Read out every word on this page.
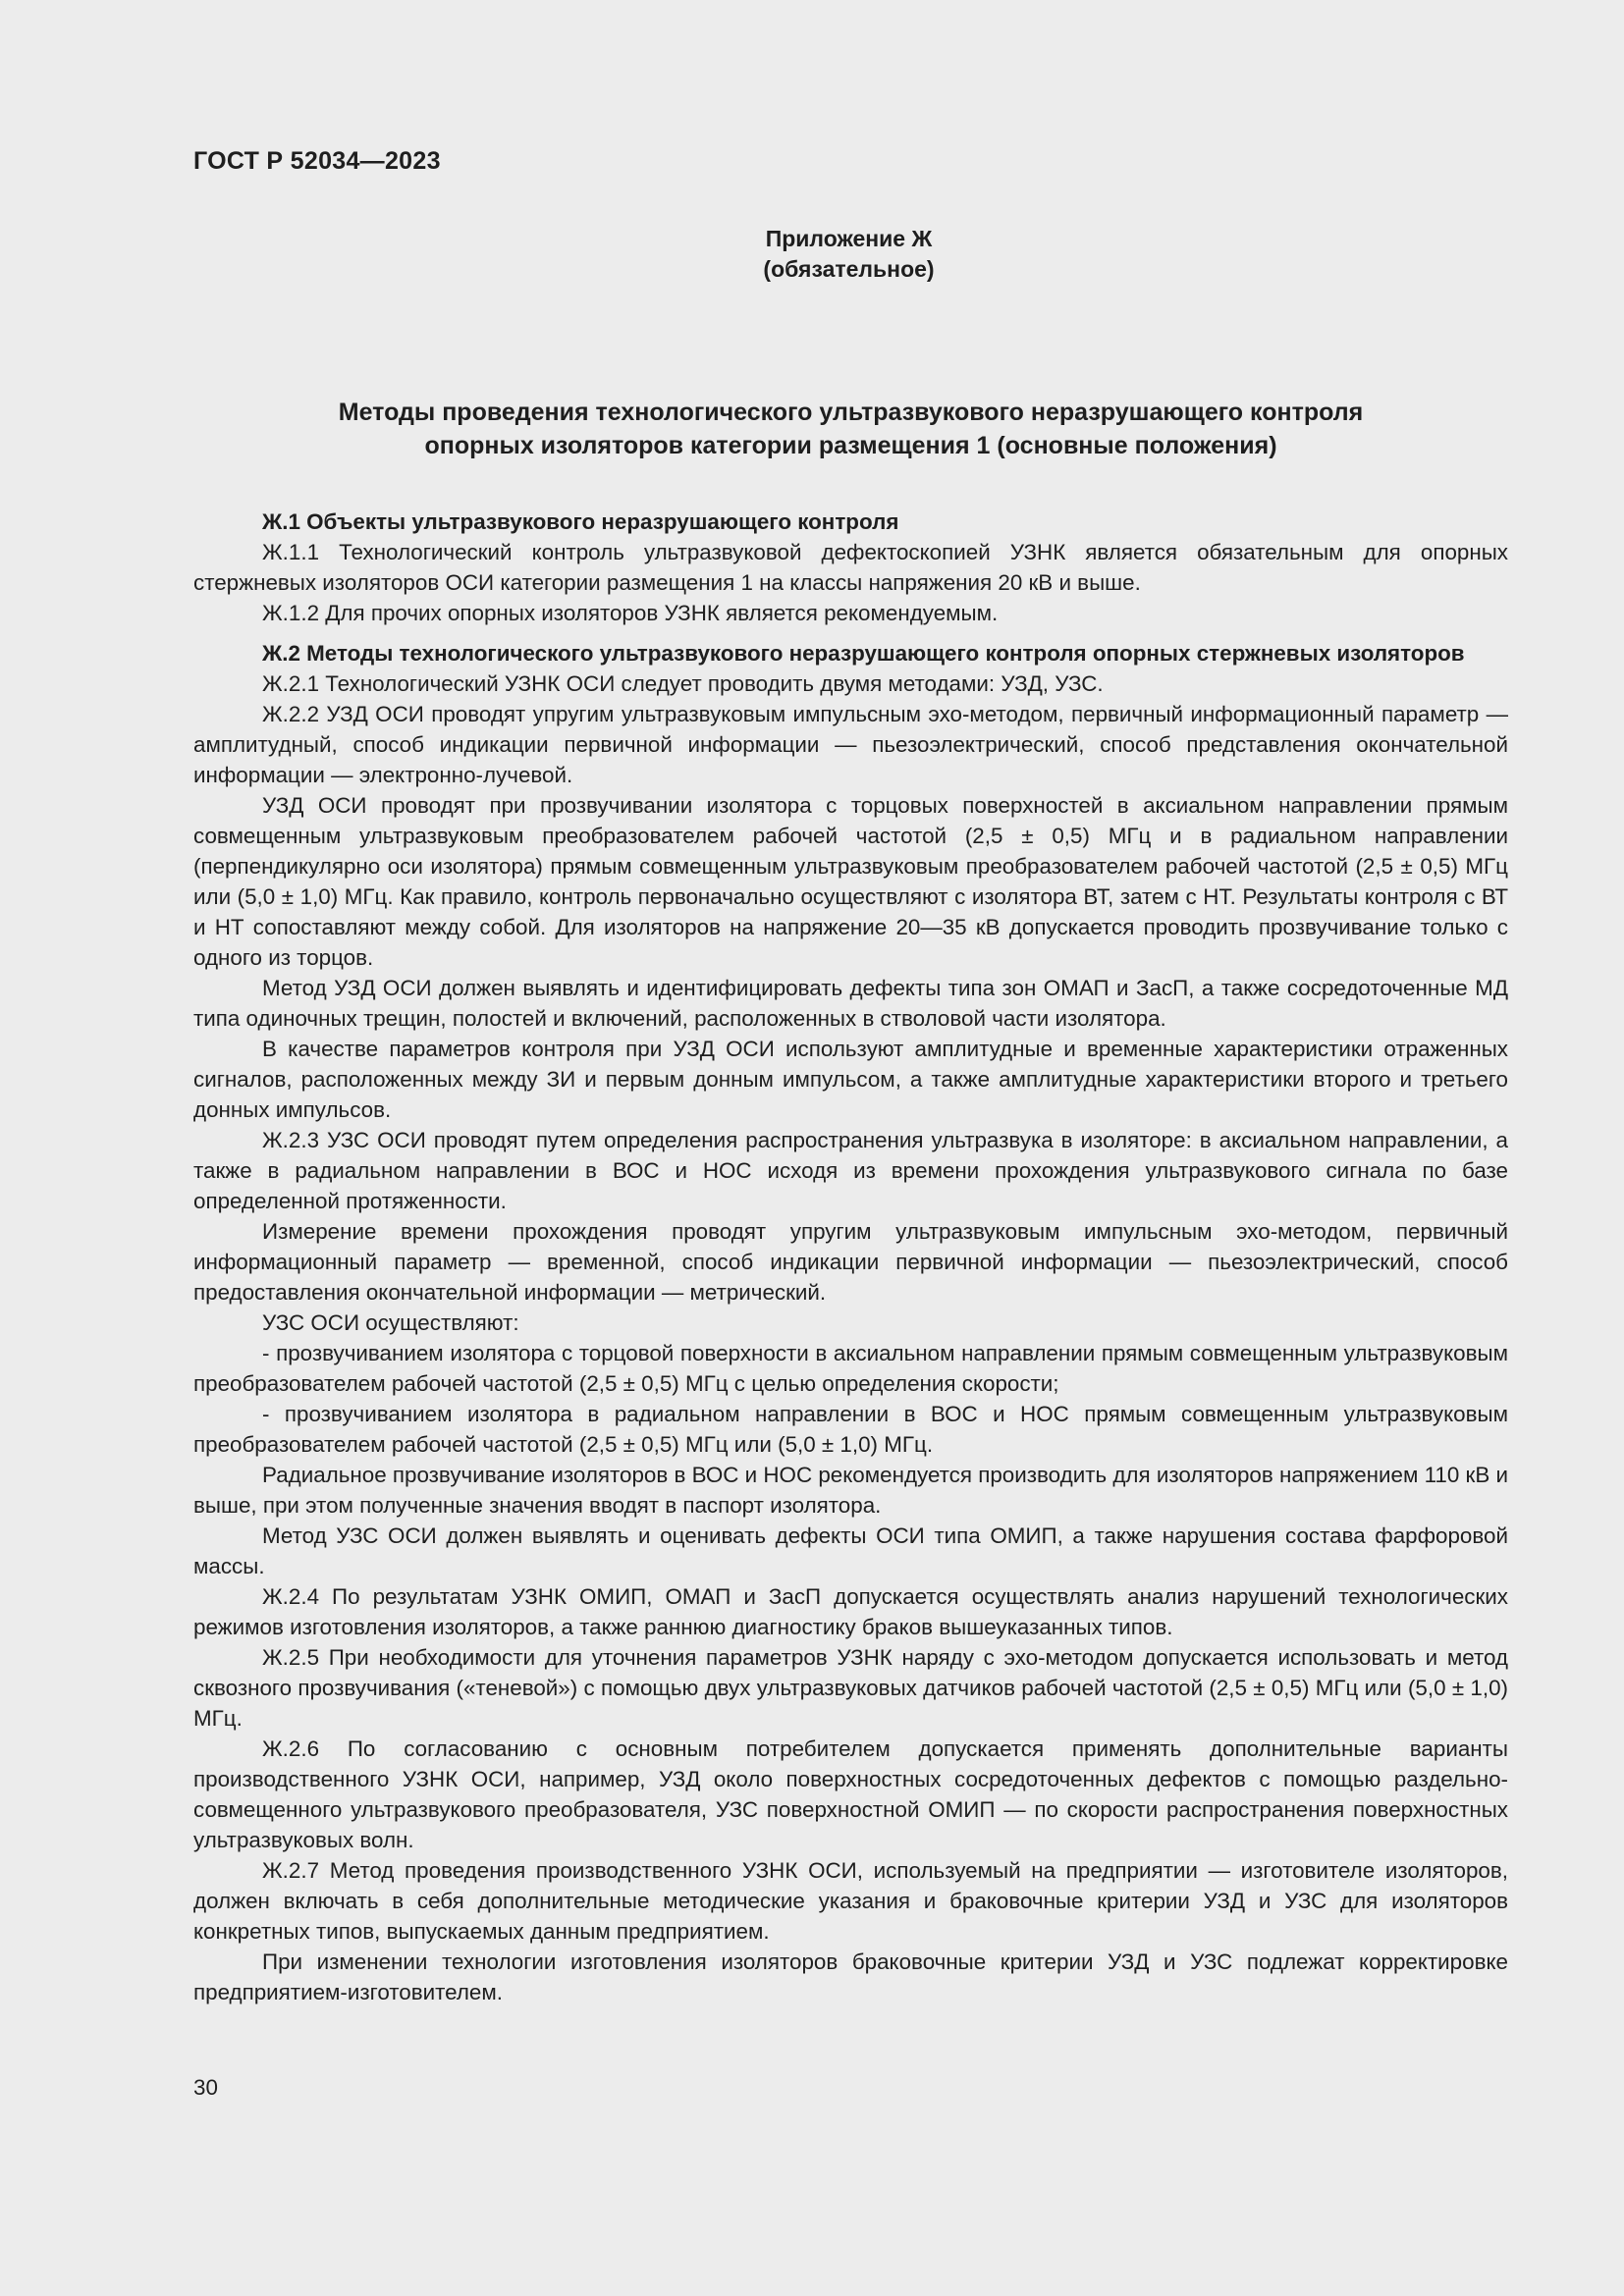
ГОСТ Р 52034—2023
Приложение Ж
(обязательное)
Методы проведения технологического ультразвукового неразрушающего контроля
опорных изоляторов категории размещения 1 (основные положения)
Ж.1 Объекты ультразвукового неразрушающего контроля

Ж.1.1 Технологический контроль ультразвуковой дефектоскопией УЗНК является обязательным для опорных стержневых изоляторов ОСИ категории размещения 1 на классы напряжения 20 кВ и выше.

Ж.1.2 Для прочих опорных изоляторов УЗНК является рекомендуемым.

Ж.2 Методы технологического ультразвукового неразрушающего контроля опорных стержневых изоляторов

Ж.2.1 Технологический УЗНК ОСИ следует проводить двумя методами: УЗД, УЗС.

Ж.2.2 УЗД ОСИ проводят упругим ультразвуковым импульсным эхо-методом, первичный информационный параметр — амплитудный, способ индикации первичной информации — пьезоэлектрический, способ представления окончательной информации — электронно-лучевой.

УЗД ОСИ проводят при прозвучивании изолятора с торцовых поверхностей в аксиальном направлении прямым совмещенным ультразвуковым преобразователем рабочей частотой (2,5 ± 0,5) МГц и в радиальном направлении (перпендикулярно оси изолятора) прямым совмещенным ультразвуковым преобразователем рабочей частотой (2,5 ± 0,5) МГц или (5,0 ± 1,0) МГц. Как правило, контроль первоначально осуществляют с изолятора ВТ, затем с НТ. Результаты контроля с ВТ и НТ сопоставляют между собой. Для изоляторов на напряжение 20—35 кВ допускается проводить прозвучивание только с одного из торцов.

Метод УЗД ОСИ должен выявлять и идентифицировать дефекты типа зон ОМАП и ЗасП, а также сосредоточенные МД типа одиночных трещин, полостей и включений, расположенных в стволовой части изолятора.

В качестве параметров контроля при УЗД ОСИ используют амплитудные и временные характеристики отраженных сигналов, расположенных между ЗИ и первым донным импульсом, а также амплитудные характеристики второго и третьего донных импульсов.

Ж.2.3 УЗС ОСИ проводят путем определения распространения ультразвука в изоляторе: в аксиальном направлении, а также в радиальном направлении в ВОС и НОС исходя из времени прохождения ультразвукового сигнала по базе определенной протяженности.

Измерение времени прохождения проводят упругим ультразвуковым импульсным эхо-методом, первичный информационный параметр — временной, способ индикации первичной информации — пьезоэлектрический, способ предоставления окончательной информации — метрический.

УЗС ОСИ осуществляют:

- прозвучиванием изолятора с торцовой поверхности в аксиальном направлении прямым совмещенным ультразвуковым преобразователем рабочей частотой (2,5 ± 0,5) МГц с целью определения скорости;

- прозвучиванием изолятора в радиальном направлении в ВОС и НОС прямым совмещенным ультразвуковым преобразователем рабочей частотой (2,5 ± 0,5) МГц или (5,0 ± 1,0) МГц.

Радиальное прозвучивание изоляторов в ВОС и НОС рекомендуется производить для изоляторов напряжением 110 кВ и выше, при этом полученные значения вводят в паспорт изолятора.

Метод УЗС ОСИ должен выявлять и оценивать дефекты ОСИ типа ОМИП, а также нарушения состава фарфоровой массы.

Ж.2.4 По результатам УЗНК ОМИП, ОМАП и ЗасП допускается осуществлять анализ нарушений технологических режимов изготовления изоляторов, а также раннюю диагностику браков вышеуказанных типов.

Ж.2.5 При необходимости для уточнения параметров УЗНК наряду с эхо-методом допускается использовать и метод сквозного прозвучивания («теневой») с помощью двух ультразвуковых датчиков рабочей частотой (2,5 ± 0,5) МГц или (5,0 ± 1,0) МГц.

Ж.2.6 По согласованию с основным потребителем допускается применять дополнительные варианты производственного УЗНК ОСИ, например, УЗД около поверхностных сосредоточенных дефектов с помощью раздельно-совмещенного ультразвукового преобразователя, УЗС поверхностной ОМИП — по скорости распространения поверхностных ультразвуковых волн.

Ж.2.7 Метод проведения производственного УЗНК ОСИ, используемый на предприятии — изготовителе изоляторов, должен включать в себя дополнительные методические указания и браковочные критерии УЗД и УЗС для изоляторов конкретных типов, выпускаемых данным предприятием.

При изменении технологии изготовления изоляторов браковочные критерии УЗД и УЗС подлежат корректировке предприятием-изготовителем.

30
